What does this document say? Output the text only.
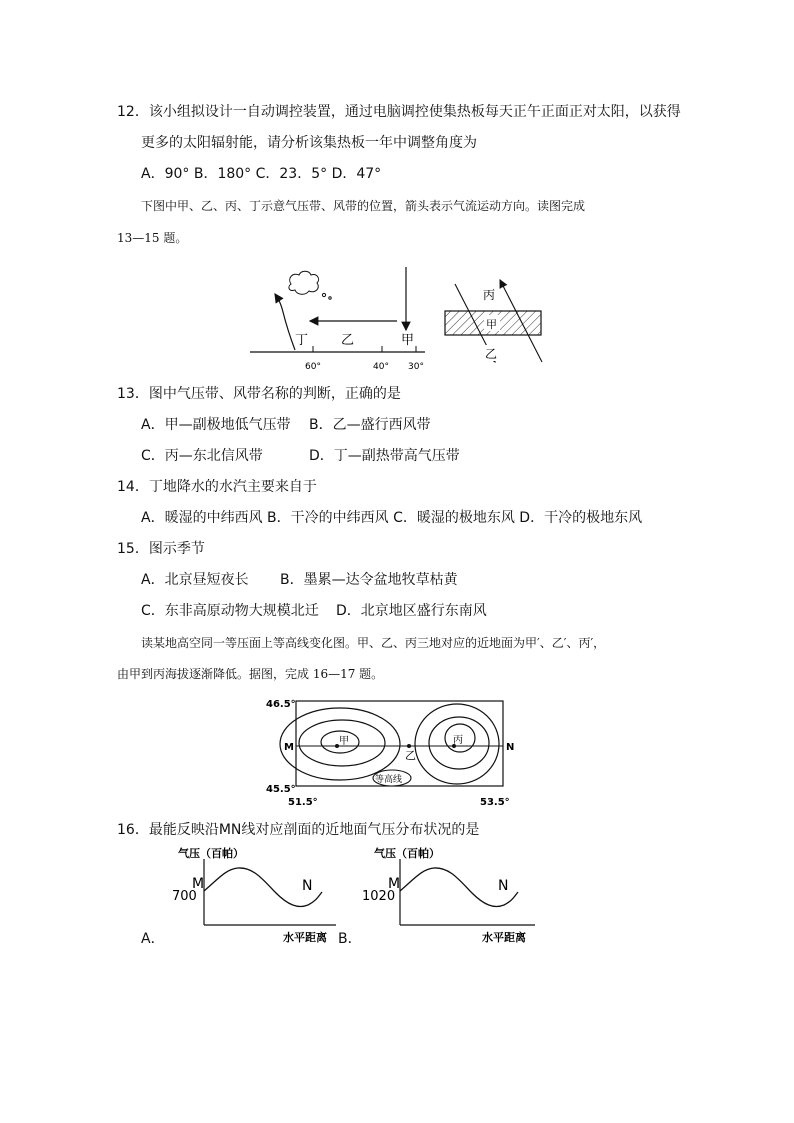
12．该小组拟设计一自动调控装置，通过电脑调控使集热板每天正午正面正对太阳，以获得
更多的太阳辐射能，请分析该集热板一年中调整角度为
A．90° B．180° C．23．5° D．47°
下图中甲、乙、丙、丁示意气压带、风带的位置，箭头表示气流运动方向。读图完成
13—15 题。
丁	乙	甲
60°	40° 30°
丙
甲
乙
13．图中气压带、风带名称的判断，正确的是
A．甲—副极地低气压带 B．乙—盛行西风带
C．丙—东北信风带	D．丁—副热带高气压带
14．丁地降水的水汽主要来自于
A．暖湿的中纬西风 B．干冷的中纬西风 C．暖湿的极地东风 D．干冷的极地东风
15．图示季节
A．北京昼短夜长 B．墨累—达令盆地牧草枯黄
C．东非高原动物大规模北迁 D．北京地区盛行东南风
读某地高空同一等压面上等高线变化图。甲、乙、丙三地对应的近地面为甲′、乙′、丙′，
由甲到丙海拔逐渐降低。据图，完成 16—17 题。
甲
乙
丙
等高线
M	N
46.5°
45.5°
51.5°	53.5°
16．最能反映沿MN线对应剖面的近地面气压分布状况的是
气压（百帕）
700
M	N
水平距离
A．
气压（百帕）
1020
M	N
水平距离
B．
